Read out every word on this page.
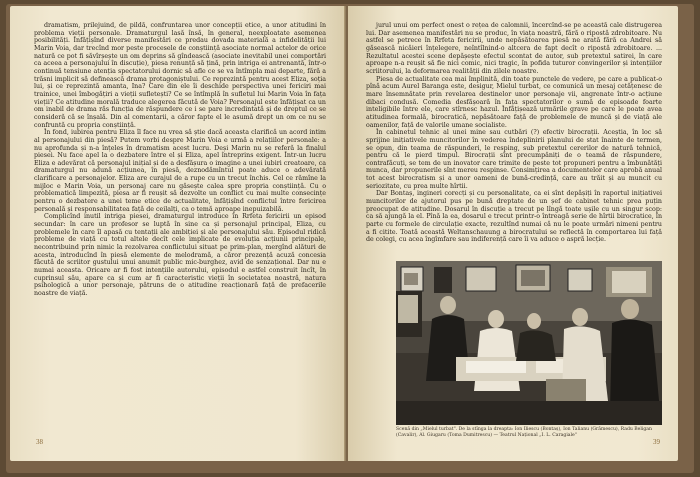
dramatism, prilejuind, de pildă, confruntarea unor concepții etice, a unor atitudini în problema vieții personale. Dramaturgul lasă însă, în general, neexploatate asemenea posibilități. Înfățișînd diverse manifestări ce predau dovada materială a infidelității lui Marin Voia, dar trecînd mor peste procesele de conștiință asociate normal actelor de orice natură ce pot fi săvîrșește un om deprins să gîndească (asociate inevitabil unei comportări ca aceea a personajului în discuție), piesa renunță să țină, prin intriga ei antrenantă, într-o continuă tensiune atenția spectatorului dornic să afle ce se va întîmpla mai departe, fără a trăsni implicit să definească drama protagoniștului. Ce reprezintă pentru acest Eliza, soția lui, și ce reprezintă amanta, Ina? Care din ele îi deschide perspectiva unei fericiri mai trainice, unei îmbogățiri a vieții sufletești? Ce se întîmplă în sufletul lui Marin Voia în fața vieții? Ce atitudine morală traduce alegerea făcută de Voia? Personajul este înfățișat ca un om inabil de drama răs funcția de răspundere ce i se pare incredintată și de dreptul ce se consideră că se înșală. Din al comentarii, a căror fapte el le asumă drept un om ce nu se confruntă cu propria conștiință.

În fond, iubirea pentru Eliza îl face nu vrea să știe dacă aceasta clarifică un acord intim al personajului din piesă? Putem vorbi despre Marin Voia e urmă a relațiilor personale: a nu aprofunda și n-a înțeles în dramatism acest lucru. Deși Marin nu se referă la finalul piesei. Nu face apel la o dezbatere între el și Eliza, apel întreprins exigent. Într-un lucru Eliza e adevărat că personajul inițial și de a desfășura o imagine a unei iubiri creatoare, ca dramaturgul nu adună acțiunea, în piesă, deznodămîntul poate aduce o adevărată clarificare a personajelor. Eliza are curajul de a rupe cu un trecut închis. Cel ce rămîne la mijloc e Marin Voia, un personaj care nu găsește calea spre propria conștiință. Cu o problematică limpezită, piesa ar fi reușit să dezvolte un conflict cu mai multe consecințe pentru o dezbatere a unei teme eticе de actualitate, înfățișînd conflictul între fericirea personală și responsabilitatea față de ceilalți, ca o temă aproape inepuizabilă.

Complicînd inutil intriga piesei, dramaturgul introduce în Rrfeta fericirii un episod secundar: în care un profesor se luptă în sine ca și personajul principal, Eliza, cu problemele în care îl apasă cu tentații ale ambiției și ale personajului său. Episodul ridică probleme de viață cu totul altele decît cele implicate de evoluția acțiunii principale, necontribuind prin nimic la rezolvarea conflictului situat pe prim-plan, mergînd alături de acesta, introducînd în piesă elemente de melodramă, a căror prezență acuză concesia făcută de scriitor gustului unui anumit public mic-burghez, avid de senzațional. Dar nu e numai aceasta. Oricare ar fi fost intențiile autorului, episodul e astfel construit încît, în cuprinsul său, apare ca și cum ar fi caracteristic vieții în societatea noastră, natura psihologică a unor personaje, pătruns de o atitudine reacționară față de prefacerile noastre de viață.

38

jurul unui om perfect onest o rețea de calomnii, încercînd-se pe această cale distrugerea lui. Dar asemenea manifestări nu se produc, în viața noastră, fără o ripostă zdrobitoare. Nu astfel se petrece în Rrfeta fericirii, unde nepăsătoarea piesă ne arată fără ca Andrei să găsească nicăieri înțelegere, neîntîlnind-o altcera de fapt decît o ripostă zdrobitoare. ... Rezultatul acestei scene depășește efectul scontat de autor, sub pretextul satirei, în care aproape n-a reușit să fie nici comic, nici tragic, în pofida tuturor convingerilor și intențiilor scriitorului, la deformarea realității din zilele noastre.

Piesa de actualitate cea mai împlinită, din toate punctele de vedere, pe care a publicat-o pînă acum Aurel Baranga este, desigur, Mielul turbat, ce comunică un mesaj cetățenesc de mare însemnătate prin revelarea destinelor unor personaje vii, angrenate într-o acțiune dibaci condusă. Comedia desfășoară în fața spectatorilor o sumă de episoade foarte inteligibile între ele, care stîrnesc hazul. Înfățișează urmările grave pe care le poate avea atitudinea formală, birocratică, nepăsătoare față de problemele de muncă și de viață ale oamenilor, față de valorile umane socialiste.

În cabinetul tehnic al unei mine sau cutbări (?) efectiv birocrații. Aceștia, în loc să sprijine inițiativele muncitorilor în vederea îndeplinirii planului de stat înainte de termen, se opun, din teama de răspunderi, le resping, sub pretextul cererilor de natură tehnică, pentru că le pierd timpul. Birocrații sînt precumpăniți de o teamă de răspundere, contrafăcuți, se tem de un inovator care trimite de peste tot propuneri pentru a îmbunătăți munca, dar propunerile sînt mereu respinse. Consimțirea a documentelor care aprobă anual tot acest birocratism și a unor oameni de bună-credință, care au trăit și au muncit cu seriozitate, cu prea multe hîrtii.

Dar Bontaș, ingineri corecți și cu personalitate, ca ei sînt depășiți în raportul inițiativei muncitorilor de ajutorul pus pe bună dreptate de un șef de cabinet tehnic prea puțin preocupat de atitudine. Dosarul în discuție a trecut pe lîngă toate ușile cu un singur scop: ca să ajungă la el. Pînă la ea, dosarul e trecut printr-o întreagă serie de hîrtii birocratice, în parte cu formele de circulație exacte, rezultînd numai că nu le poate urmări nimeni pentru a fi citite. Toată această Weltanschauung a birocratului se reflectă în comportarea lui față de colegi, cu acea îngîmfare sau indiferență care îi va aduce o aspră lecție.

Scenă din „Mielul turbat". De la stînga la dreapta: Ion Iliescu (Bontaș), Ion Talianu (Grămescu), Radu Beligan (Cavalir), Al. Giugaru (Toma Dumitrescu) — Teatrul Național „I. L. Caragiale"
39
